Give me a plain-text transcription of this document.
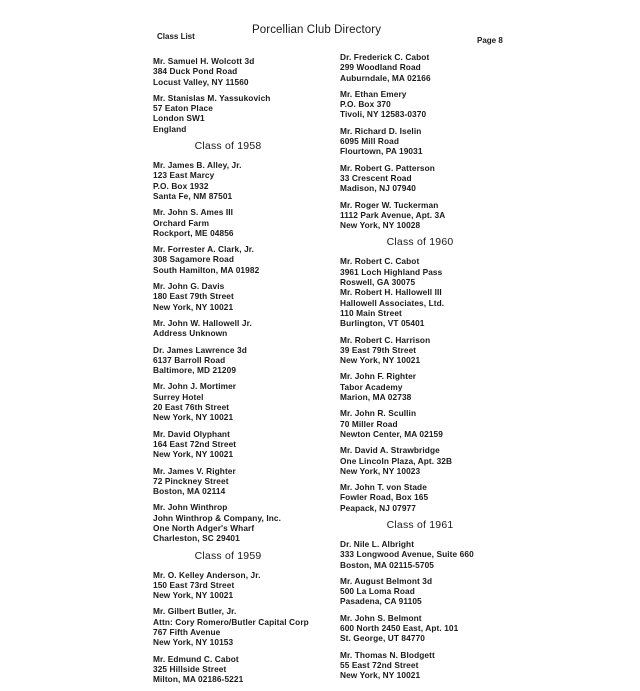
Class List
Porcellian Club Directory
Page 8
Mr. Samuel H. Wolcott 3d
384 Duck Pond Road
Locust Valley, NY 11560
Mr. Stanislas M. Yassukovich
57 Eaton Place
London SW1
England
Class of 1958
Mr. James B. Alley, Jr.
123 East Marcy
P.O. Box 1932
Santa Fe, NM 87501
Mr. John S. Ames III
Orchard Farm
Rockport, ME 04856
Mr. Forrester A. Clark, Jr.
308 Sagamore Road
South Hamilton, MA 01982
Mr. John G. Davis
180 East 79th Street
New York, NY 10021
Mr. John W. Hallowell Jr.
Address Unknown
Dr. James Lawrence 3d
6137 Barroll Road
Baltimore, MD 21209
Mr. John J. Mortimer
Surrey Hotel
20 East 76th Street
New York, NY 10021
Mr. David Olyphant
164 East 72nd Street
New York, NY 10021
Mr. James V. Righter
72 Pinckney Street
Boston, MA 02114
Mr. John Winthrop
John Winthrop & Company, Inc.
One North Adger's Wharf
Charleston, SC 29401
Class of 1959
Mr. O. Kelley Anderson, Jr.
150 East 73rd Street
New York, NY 10021
Mr. Gilbert Butler, Jr.
Attn: Cory Romero/Butler Capital Corp
767 Fifth Avenue
New York, NY 10153
Mr. Edmund C. Cabot
325 Hillside Street
Milton, MA 02186-5221
Dr. Frederick C. Cabot
299 Woodland Road
Auburndale, MA 02166
Mr. Ethan Emery
P.O. Box 370
Tivoli, NY 12583-0370
Mr. Richard D. Iselin
6095 Mill Road
Flourtown, PA 19031
Mr. Robert G. Patterson
33 Crescent Road
Madison, NJ 07940
Mr. Roger W. Tuckerman
1112 Park Avenue, Apt. 3A
New York, NY 10028
Class of 1960
Mr. Robert C. Cabot
3961 Loch Highland Pass
Roswell, GA 30075
Mr. Robert H. Hallowell III
Hallowell Associates, Ltd.
110 Main Street
Burlington, VT 05401
Mr. Robert C. Harrison
39 East 79th Street
New York, NY 10021
Mr. John F. Righter
Tabor Academy
Marion, MA 02738
Mr. John R. Scullin
70 Miller Road
Newton Center, MA 02159
Mr. David A. Strawbridge
One Lincoln Plaza, Apt. 32B
New York, NY 10023
Mr. John T. von Stade
Fowler Road, Box 165
Peapack, NJ 07977
Class of 1961
Dr. Nile L. Albright
333 Longwood Avenue, Suite 660
Boston, MA 02115-5705
Mr. August Belmont 3d
500 La Loma Road
Pasadena, CA 91105
Mr. John S. Belmont
600 North 2450 East, Apt. 101
St. George, UT 84770
Mr. Thomas N. Blodgett
55 East 72nd Street
New York, NY 10021
